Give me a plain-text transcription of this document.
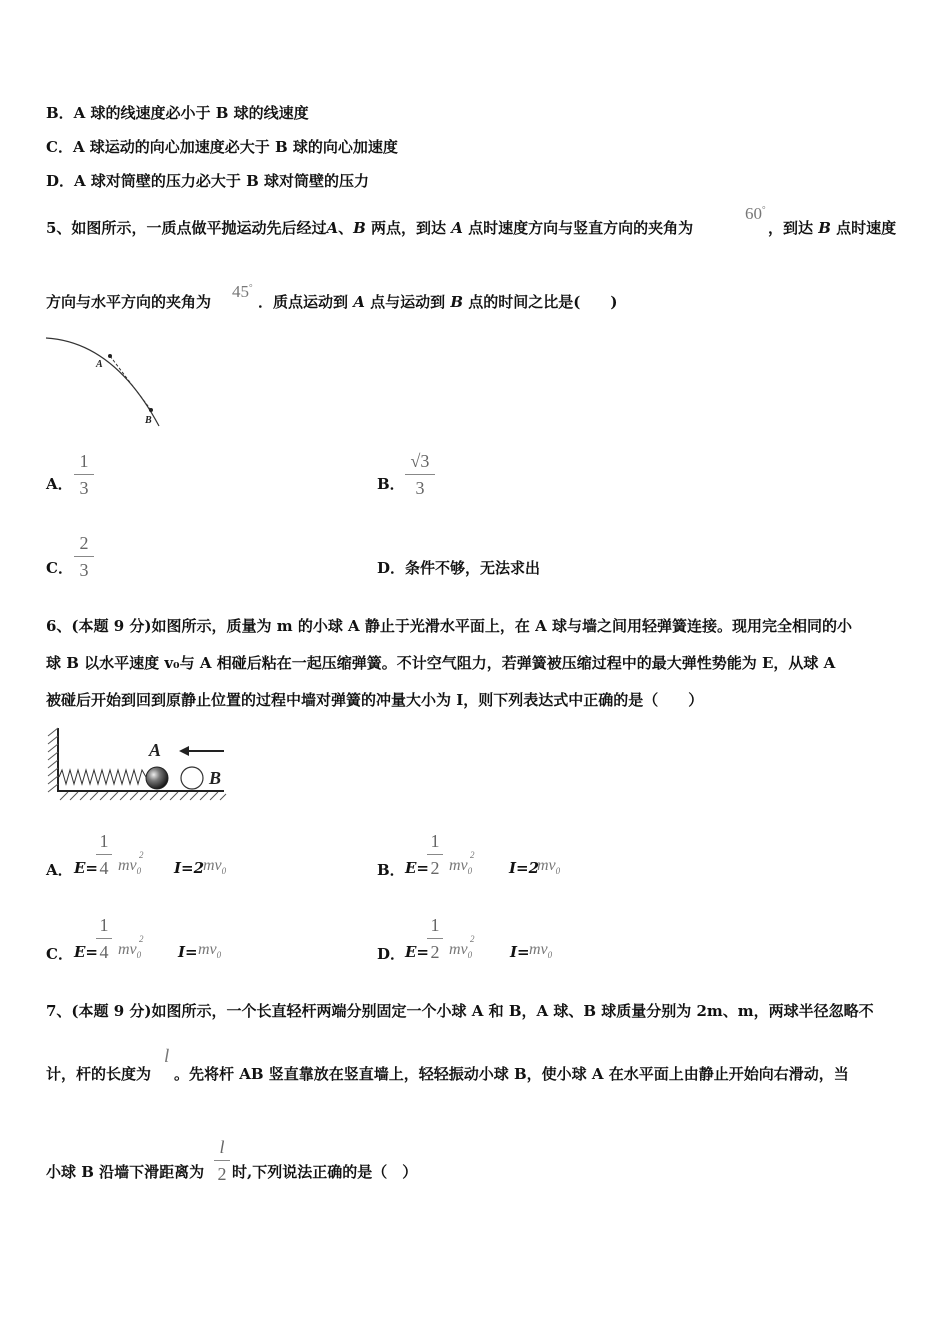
B．A 球的线速度必小于 B 球的线速度
C．A 球运动的向心加速度必大于 B 球的向心加速度
D．A 球对筒壁的压力必大于 B 球对筒壁的压力
5、如图所示，一质点做平抛运动先后经过A、B 两点，到达 A 点时速度方向与竖直方向的夹角为
60°
，到达 B 点时速度
方向与水平方向的夹角为
45°
．质点运动到 A 点与运动到 B 点的时间之比是(　　)
A
B
A．
1
3	B．
√3
3
C．
2
3	D．条件不够，无法求出
6、(本题 9 分)如图所示，质量为 m 的小球 A 静止于光滑水平面上，在 A 球与墙之间用轻弹簧连接。现用完全相同的小
球 B 以水平速度 v₀与 A 相碰后粘在一起压缩弹簧。不计空气阻力，若弹簧被压缩过程中的最大弹性势能为 E，从球 A
被碰后开始到回到原静止位置的过程中墙对弹簧的冲量大小为 I，则下列表达式中正确的是（　　）
A
B
A． E=
1
4 $mv_0$
2
I=2
$mv_0$	B． E=
1
2 $mv_0$
2
I=2
$mv_0$
C． E=
1
4 $mv_0$
2
$I= mv_0$	D． E=
1
2 $mv_0$
2
$I= mv_0$
7、(本题 9 分)如图所示，一个长直轻杆两端分别固定一个小球 A 和 B，A 球、B 球质量分别为 2m、m，两球半径忽略不
计，杆的长度为
l
。先将杆 AB 竖直靠放在竖直墙上，轻轻振动小球 B，使小球 A 在水平面上由静止开始向右滑动，当
小球 B 沿墙下滑距离为
l
2 时,下列说法正确的是（　）
